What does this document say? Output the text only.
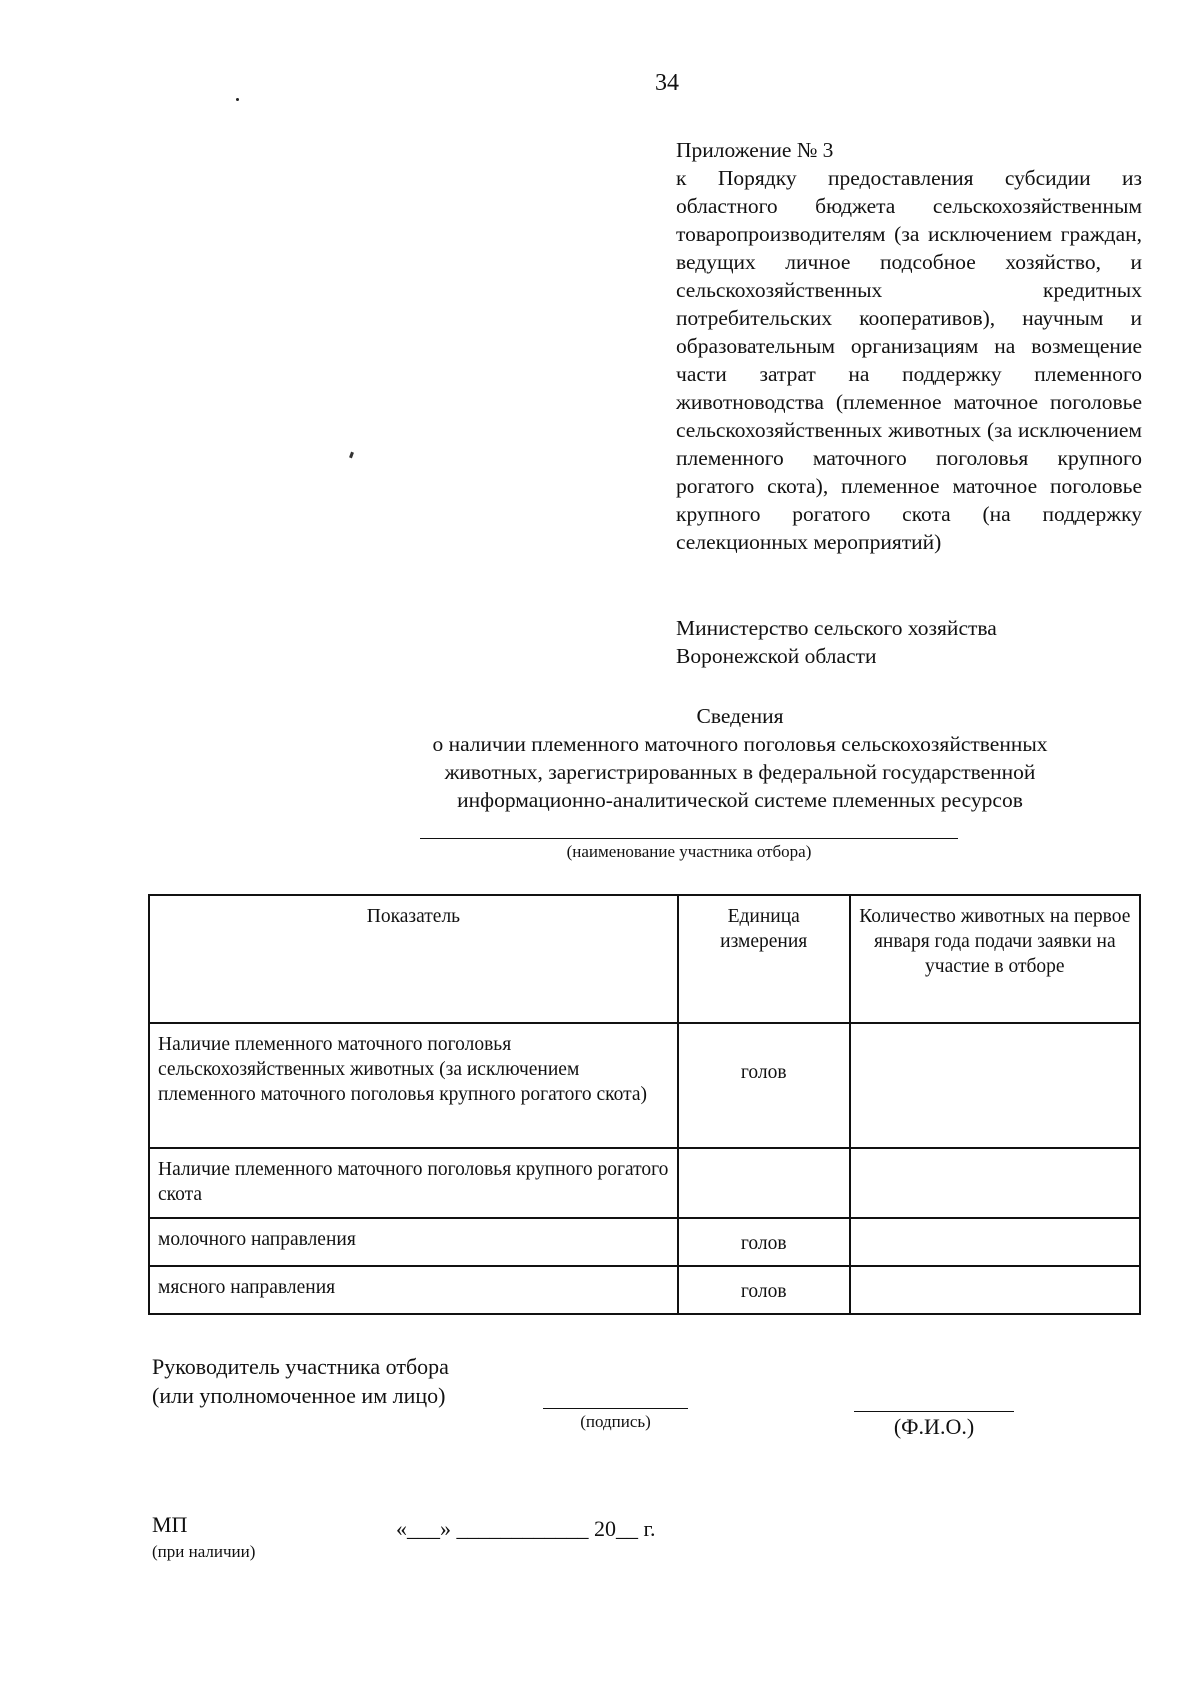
34
Приложение № 3
к Порядку предоставления субсидии из областного бюджета сельскохозяйственным товаропроизводителям (за исключением граждан, ведущих личное подсобное хозяйство, и сельскохозяйственных кредитных потребительских кооперативов), научным и образовательным организациям на возмещение части затрат на поддержку племенного животноводства (племенное маточное поголовье сельскохозяйственных животных (за исключением племенного маточного поголовья крупного рогатого скота), племенное маточное поголовье крупного рогатого скота (на поддержку селекционных мероприятий)
Министерство сельского хозяйства
Воронежской области
Сведения
о наличии племенного маточного поголовья сельскохозяйственных
животных, зарегистрированных в федеральной государственной
информационно-аналитической системе племенных ресурсов
(наименование участника отбора)
Показатель	Единица измерения	Количество животных на первое января года подачи заявки на участие в отборе
Наличие племенного маточного поголовья сельскохозяйственных животных (за исключением племенного маточного поголовья крупного рогатого скота)	голов	
Наличие племенного маточного поголовья крупного рогатого скота		
молочного направления	голов	
мясного направления	голов	
Руководитель участника отбора
(или уполномоченное им лицо)
(подпись)	(Ф.И.О.)
МП
(при наличии)
«___» ____________ 20__ г.
